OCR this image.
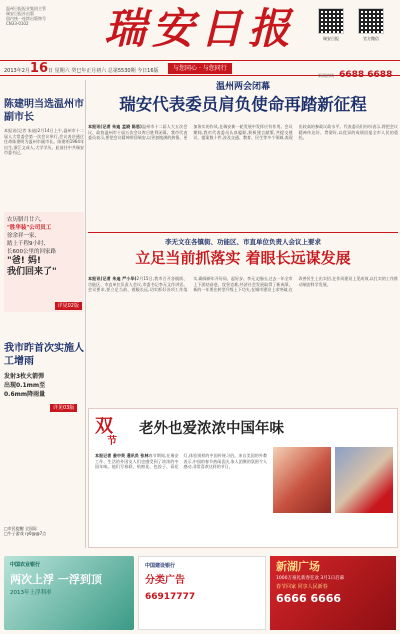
温州日报报业集团主管
瑞安日报社出版
国内统一连续出版物号
CN33-0102	瑞安日报	瑞安日报	官方微信
2013年2月16日 星期六 癸巳年正月初六 总第5530期 今日16版	与您同心 · 与您同行
新闻热线 6688 6688
陈建明当选温州市副市长
本报讯(记者 朱迪)2月14日上午,温州市十二届人大常委会第一次会议举行,会议表决通过任命陈建明为温州市副市长。陈建明1964年出生,浙江文成人,大学学历。此前任中共瑞安市委书记。
农历腊月廿六,
"胜华装"公司员工
徐余祥一家,
踏上千程9小时、
长600公里的回家路
"爸! 妈!
我们回来了"
详见02版
我市昨首次实施人工增雨
发射3枚火箭弹
出现0.1mm至
0.6mm降雨量
详见03版
□市民提醒 全国际
□牛子游戏 ry0@@7点
温州两会闭幕
瑞安代表委员肩负使命再踏新征程
本报讯(记者 朱迪 孟晓 陈思)温州市十二届人大五次会议、政协温州市十届五次会议昨日胜利闭幕。我市代表委员表示,要把会议精神带回瑞安,以更加饱满的热情、更加务实的作风,在瑞安新一轮发展中发挥应有作用。会议期间,我市代表委员认真履职,积极建言献策,共提交建议、提案数十件,涉及交通、教育、民生等多个领域,表现出较高的参政议政水平。代表委员们纷纷表示,将把会议精神传达好、贯彻好,以优异的成绩回报全市人民的重托。
李无文在各镇街、功能区、市直单位负责人会议上要求
立足当前抓落实 着眼长远谋发展
本报讯(记者 朱迪 严小华)2月15日,我市召开各镇街、功能区、市直单位负责人会议,市委书记李无文作讲话。会议要求,要立足当前、着眼长远,切实抓好各项工作落实,确保新年开好局、起好步。李无文指出,过去一年全市上下团结奋进、攻坚克难,经济社会发展取得了新成绩。新的一年要在转型升级上下功夫,在城市建设上求突破,在改善民生上出实招,在作风建设上见成效,以扎实的工作推动瑞安科学发展。
双
节
老外也爱浓浓中国年味
本报记者 姜中英 通讯员 张林春节期间,在瑞安工作、生活的外国友人们也感受到了浓浓的中国年味。他们写春联、贴窗花、包饺子、看花灯,体验别样的中国传统习俗。来自美国的外教表示,中国的春节热闹喜庆,家人团聚的氛围令人感动,非常喜欢这样的节日。
中国农业银行
两次上浮 一浮到顶
2013年上浮利率
中国建设银行
分类广告
66917777
新湖广场
1000万豪礼新春狂欢 3月1日启幕
春节回家 同享人民新春
6666 6666
